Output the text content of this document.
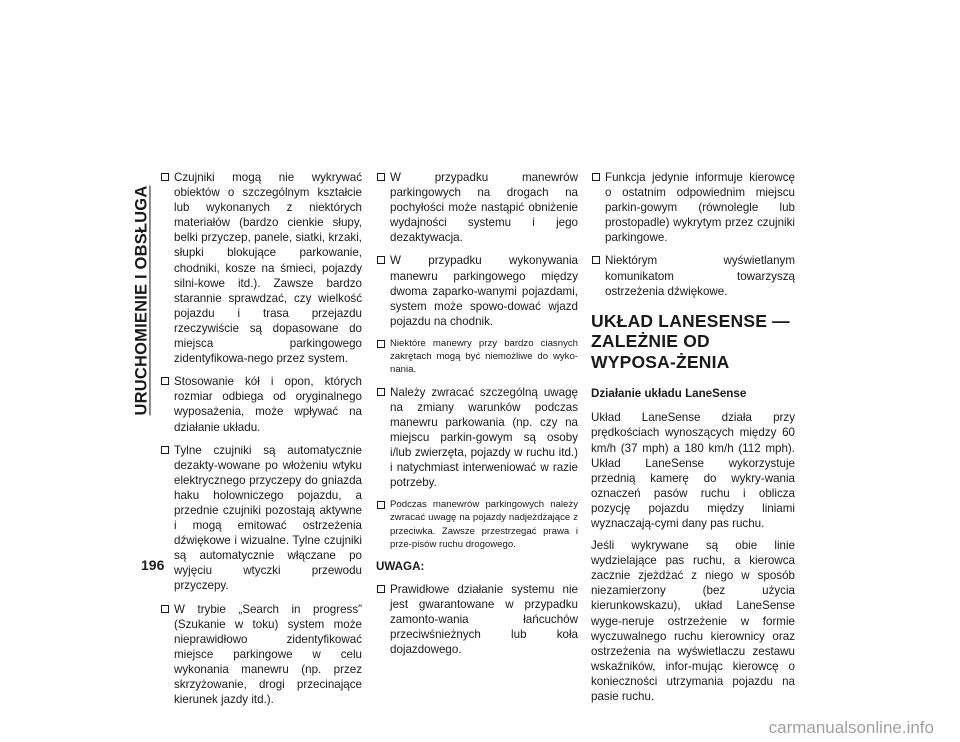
URUCHOMIENIE I OBSŁUGA
196
Czujniki mogą nie wykrywać obiektów o szczególnym kształcie lub wykonanych z niektórych materiałów (bardzo cienkie słupy, belki przyczep, panele, siatki, krzaki, słupki blokujące parkowanie, chodniki, kosze na śmieci, pojazdy silni-kowe itd.). Zawsze bardzo starannie sprawdzać, czy wielkość pojazdu i trasa przejazdu rzeczywiście są dopasowane do miejsca parkingowego zidentyfikowa-nego przez system.
Stosowanie kół i opon, których rozmiar odbiega od oryginalnego wyposażenia, może wpływać na działanie układu.
Tylne czujniki są automatycznie dezakty-wowane po włożeniu wtyku elektrycznego przyczepy do gniazda haku holowniczego pojazdu, a przednie czujniki pozostają aktywne i mogą emitować ostrzeżenia dźwiękowe i wizualne. Tylne czujniki są automatycznie włączane po wyjęciu wtyczki przewodu przyczepy.
W trybie „Search in progress” (Szukanie w toku) system może nieprawidłowo zidentyfikować miejsce parkingowe w celu wykonania manewru (np. przez skrzyżowanie, drogi przecinające kierunek jazdy itd.).
W przypadku manewrów parkingowych na drogach na pochyłości może nastąpić obniżenie wydajności systemu i jego dezaktywacja.
W przypadku wykonywania manewru parkingowego między dwoma zaparko-wanymi pojazdami, system może spowo-dować wjazd pojazdu na chodnik.
Niektóre manewry przy bardzo ciasnych zakrętach mogą być niemożliwe do wyko-nania.
Należy zwracać szczególną uwagę na zmiany warunków podczas manewru parkowania (np. czy na miejscu parkin-gowym są osoby i/lub zwierzęta, pojazdy w ruchu itd.) i natychmiast interweniować w razie potrzeby.
Podczas manewrów parkingowych należy zwracać uwagę na pojazdy nadjeżdżające z przeciwka. Zawsze przestrzegać prawa i prze-pisów ruchu drogowego.
UWAGA:
Prawidłowe działanie systemu nie jest gwarantowane w przypadku zamonto-wania łańcuchów przeciwśnieżnych lub koła dojazdowego.
Funkcja jedynie informuje kierowcę o ostatnim odpowiednim miejscu parkin-gowym (równolegle lub prostopadle) wykrytym przez czujniki parkingowe.
Niektórym wyświetlanym komunikatom towarzyszą ostrzeżenia dźwiękowe.
UKŁAD LANESENSE — ZALEŻNIE OD WYPOSA-ŻENIA
Działanie układu LaneSense

Układ LaneSense działa przy prędkościach wynoszących między 60 km/h (37 mph) a 180 km/h (112 mph). Układ LaneSense wykorzystuje przednią kamerę do wykry-wania oznaczeń pasów ruchu i oblicza pozycję pojazdu między liniami wyznaczają-cymi dany pas ruchu.

Jeśli wykrywane są obie linie wydzielające pas ruchu, a kierowca zacznie zjeżdżać z niego w sposób niezamierzony (bez użycia kierunkowskazu), układ LaneSense wyge-neruje ostrzeżenie w formie wyczuwalnego ruchu kierownicy oraz ostrzeżenia na wyświetlaczu zestawu wskaźników, infor-mując kierowcę o konieczności utrzymania pojazdu na pasie ruchu.

carmanualsonline.info
